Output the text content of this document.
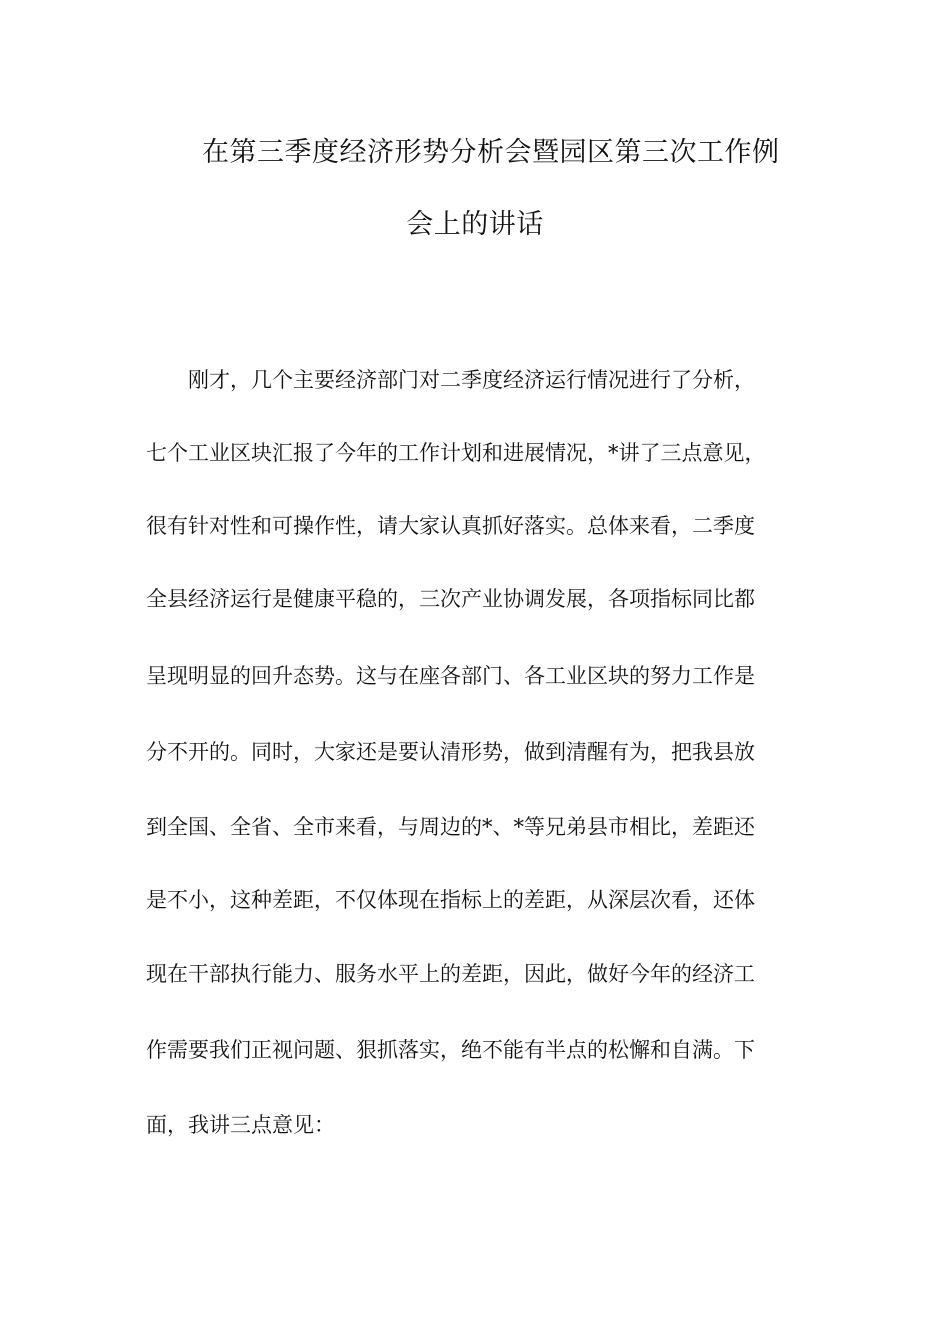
在第三季度经济形势分析会暨园区第三次工作例
会上的讲话
刚才，几个主要经济部门对二季度经济运行情况进行了分析，
七个工业区块汇报了今年的工作计划和进展情况，*讲了三点意见，
很有针对性和可操作性，请大家认真抓好落实。总体来看，二季度
全县经济运行是健康平稳的，三次产业协调发展，各项指标同比都
呈现明显的回升态势。这与在座各部门、各工业区块的努力工作是
分不开的。同时，大家还是要认清形势，做到清醒有为，把我县放
到全国、全省、全市来看，与周边的*、*等兄弟县市相比，差距还
是不小，这种差距，不仅体现在指标上的差距，从深层次看，还体
现在干部执行能力、服务水平上的差距，因此，做好今年的经济工
作需要我们正视问题、狠抓落实，绝不能有半点的松懈和自满。下
面，我讲三点意见：
